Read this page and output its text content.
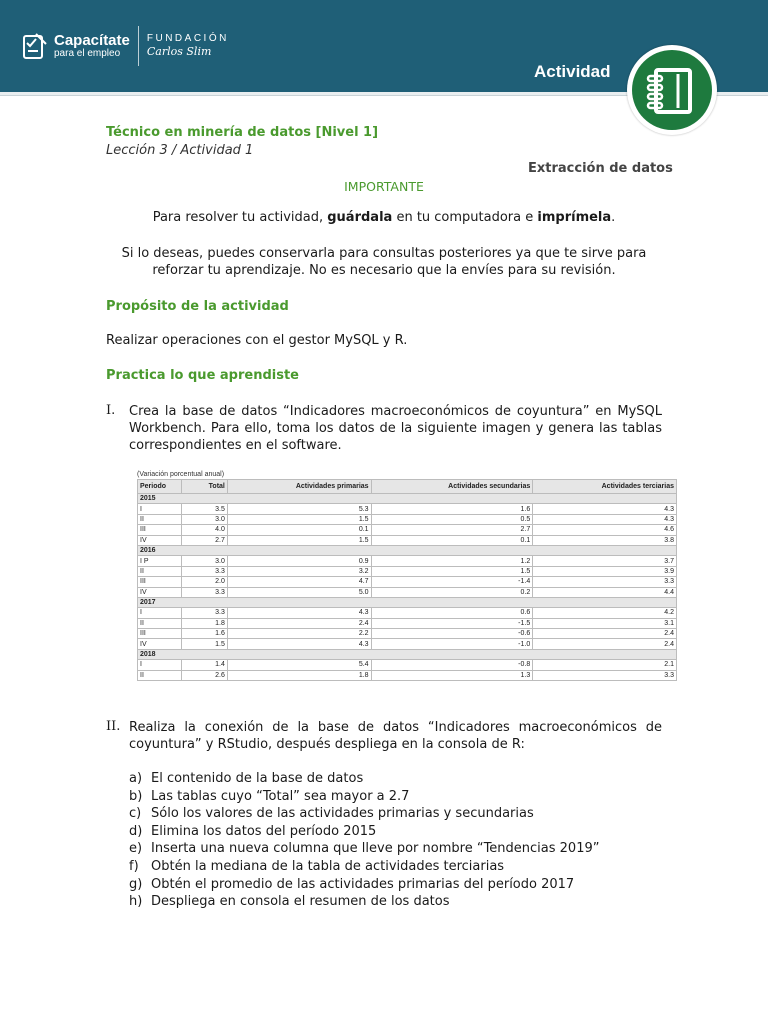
Capacítate
para el empleo
FUNDACIÓN
Carlos Slim
Actividad
Técnico en minería de datos [Nivel 1]
Lección 3 / Actividad 1
Extracción de datos
IMPORTANTE
Para resolver tu actividad, guárdala en tu computadora e imprímela.
Si lo deseas, puedes conservarla para consultas posteriores ya que te sirve para
reforzar tu aprendizaje. No es necesario que la envíes para su revisión.
Propósito de la actividad
Realizar operaciones con el gestor MySQL y R.
Practica lo que aprendiste
I. Crea la base de datos “Indicadores macroeconómicos de coyuntura” en MySQL Workbench. Para ello, toma los datos de la siguiente imagen y genera las tablas correspondientes en el software.
(Variación porcentual anual)
Periodo	Total	Actividades primarias	Actividades secundarias	Actividades terciarias
2015				
I	3.5	5.3	1.6	4.3
II	3.0	1.5	0.5	4.3
III	4.0	0.1	2.7	4.6
IV	2.7	1.5	0.1	3.8
2016				
I P	3.0	0.9	1.2	3.7
II	3.3	3.2	1.5	3.9
III	2.0	4.7	-1.4	3.3
IV	3.3	5.0	0.2	4.4
2017				
I	3.3	4.3	0.6	4.2
II	1.8	2.4	-1.5	3.1
III	1.6	2.2	-0.6	2.4
IV	1.5	4.3	-1.0	2.4
2018				
I	1.4	5.4	-0.8	2.1
II	2.6	1.8	1.3	3.3
II. Realiza la conexión de la base de datos “Indicadores macroeconómicos de coyuntura” y RStudio, después despliega en la consola de R:
a) El contenido de la base de datos
b) Las tablas cuyo “Total” sea mayor a 2.7
c) Sólo los valores de las actividades primarias y secundarias
d) Elimina los datos del período 2015
e) Inserta una nueva columna que lleve por nombre “Tendencias 2019”
f) Obtén la mediana de la tabla de actividades terciarias
g) Obtén el promedio de las actividades primarias del período 2017
h) Despliega en consola el resumen de los datos
